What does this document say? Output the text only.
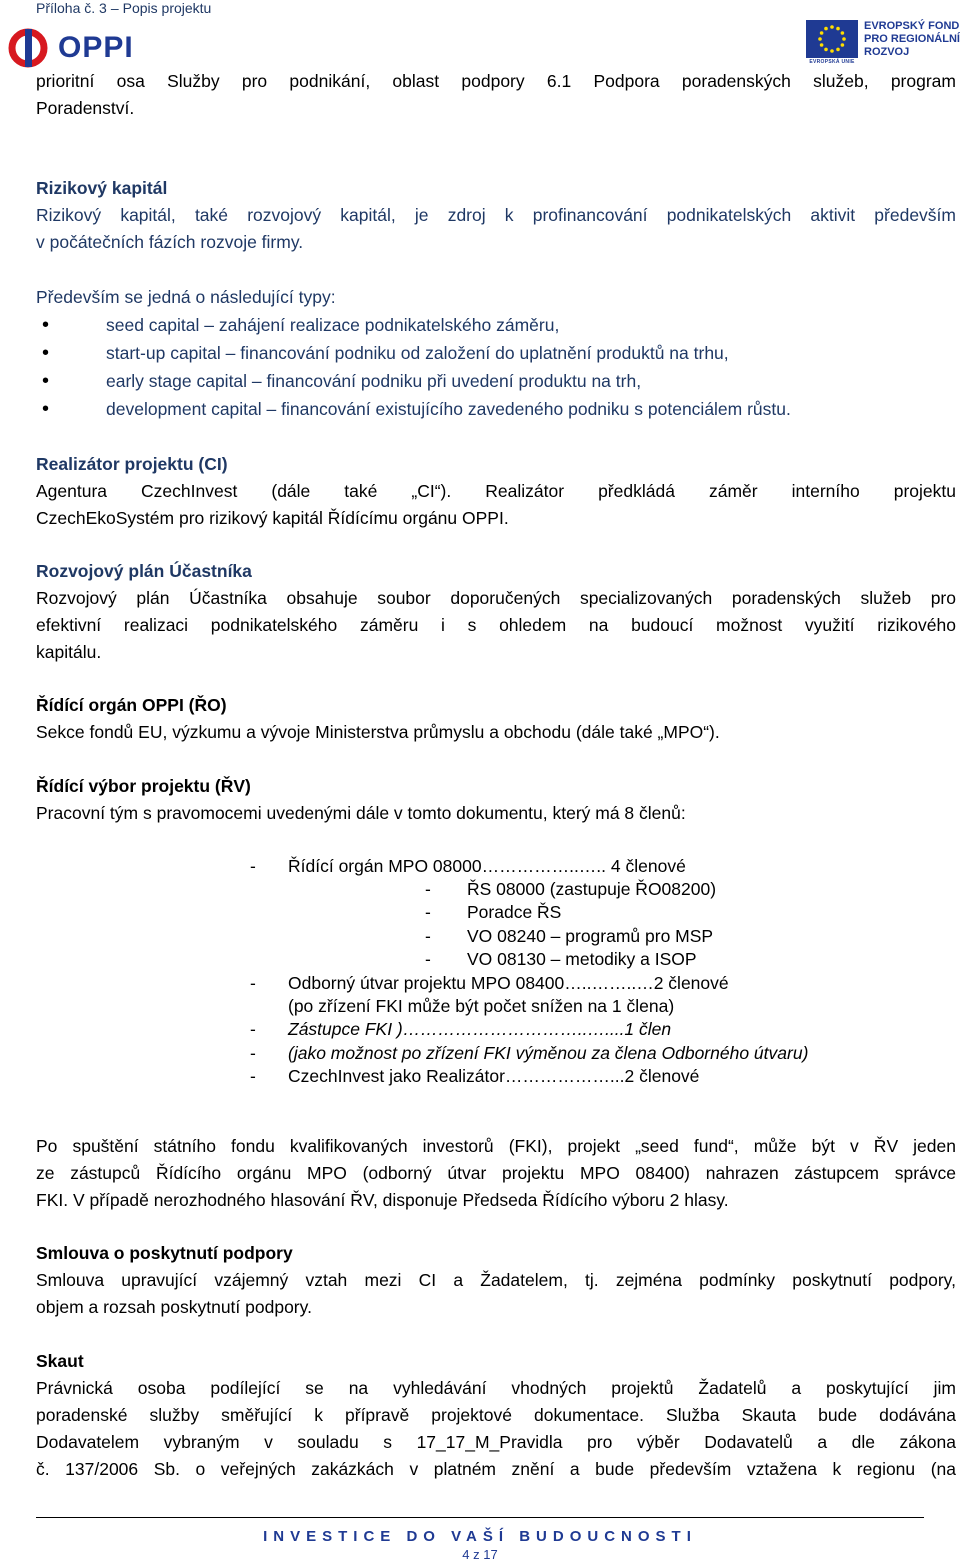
Příloha č. 3 – Popis projektu
OPPI	EVROPSKÁ UNIE
EVROPSKÝ FOND
PRO REGIONÁLNÍ
ROZVOJ

prioritní osa Služby pro podnikání, oblast podpory 6.1 Podpora poradenských služeb, program

Poradenství.

Rizikový kapitál

Rizikový kapitál, také rozvojový kapitál, je zdroj k profinancování podnikatelských aktivit především

v počátečních fázích rozvoje firmy.

Především se jedná o následující typy:

• seed capital – zahájení realizace podnikatelského záměru,
• start-up capital – financování podniku od založení do uplatnění produktů na trhu,
• early stage capital – financování podniku při uvedení produktu na trh,
• development capital – financování existujícího zavedeného podniku s potenciálem růstu.

Realizátor projektu (CI)

Agentura CzechInvest (dále také „CI“). Realizátor předkládá záměr interního projektu

CzechEkoSystém pro rizikový kapitál Řídícímu orgánu OPPI.

Rozvojový plán Účastníka

Rozvojový plán Účastníka obsahuje soubor doporučených specializovaných poradenských služeb pro

efektivní realizaci podnikatelského záměru i s ohledem na budoucí možnost využití rizikového

kapitálu.

Řídící orgán OPPI (ŘO)

Sekce fondů EU, výzkumu a vývoje Ministerstva průmyslu a obchodu (dále také „MPO“).

Řídící výbor projektu (ŘV)

Pracovní tým s pravomocemi uvedenými dále v tomto dokumentu, který má 8 členů:

- Řídící orgán MPO 08000……………..….. 4 členové
- ŘS 08000 (zastupuje ŘO08200)
- Poradce ŘS
- VO 08240 – programů pro MSP
- VO 08130 – metodiky a ISOP
- Odborný útvar projektu MPO 08400…..……..…2 členové
(po zřízení FKI může být počet snížen na 1 člena)
- Zástupce FKI )…………………………..…....1 člen
- (jako možnost po zřízení FKI výměnou za člena Odborného útvaru)
- CzechInvest jako Realizátor………………...2 členové

Po spuštění státního fondu kvalifikovaných investorů (FKI), projekt „seed fund“, může být v ŘV jeden

ze zástupců Řídícího orgánu MPO (odborný útvar projektu MPO 08400) nahrazen zástupcem správce

FKI. V případě nerozhodného hlasování ŘV, disponuje Předseda Řídícího výboru 2 hlasy.

Smlouva o poskytnutí podpory

Smlouva upravující vzájemný vztah mezi CI a Žadatelem, tj. zejména podmínky poskytnutí podpory,

objem a rozsah poskytnutí podpory.

Skaut

Právnická osoba podílející se na vyhledávání vhodných projektů Žadatelů a poskytující jim

poradenské služby směřující k přípravě projektové dokumentace. Služba Skauta bude dodávána

Dodavatelem vybraným v souladu s 17_17_M_Pravidla pro výběr Dodavatelů a dle zákona

č. 137/2006 Sb. o veřejných zakázkách v platném znění a bude především vztažena k regionu (na

INVESTICE DO VAŠÍ BUDOUCNOSTI
4 z 17
